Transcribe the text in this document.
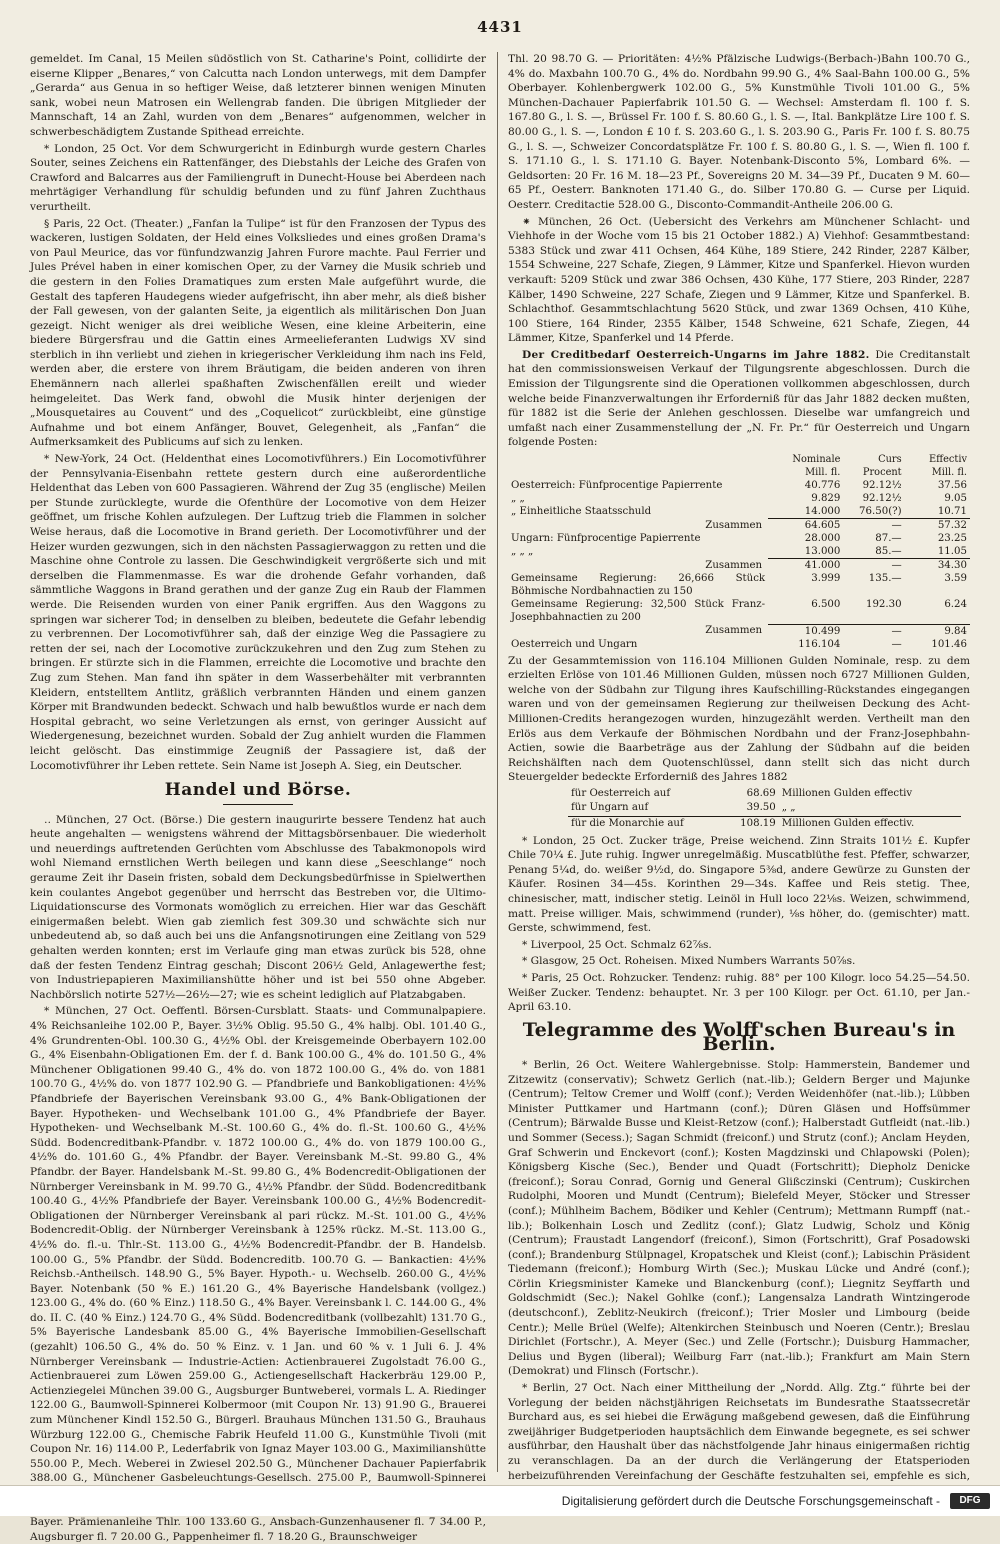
4431

gemeldet. Im Canal, 15 Meilen südöstlich von St. Catharine's Point, collidirte der eiserne Klipper „Benares,“ von Calcutta nach London unterwegs, mit dem Dampfer „Gerarda“ aus Genua in so heftiger Weise, daß letzterer binnen wenigen Minuten sank, wobei neun Matrosen ein Wellengrab fanden. Die übrigen Mitglieder der Mannschaft, 14 an Zahl, wurden von dem „Benares“ aufgenommen, welcher in schwerbeschädigtem Zustande Spithead erreichte.

* London, 25 Oct. Vor dem Schwurgericht in Edinburgh wurde gestern Charles Souter, seines Zeichens ein Rattenfänger, des Diebstahls der Leiche des Grafen von Crawford and Balcarres aus der Familiengruft in Dunecht-House bei Aberdeen nach mehrtägiger Verhandlung für schuldig befunden und zu fünf Jahren Zuchthaus verurtheilt.

§ Paris, 22 Oct. (Theater.) „Fanfan la Tulipe“ ist für den Franzosen der Typus des wackeren, lustigen Soldaten, der Held eines Volksliedes und eines großen Drama's von Paul Meurice, das vor fünfundzwanzig Jahren Furore machte. Paul Ferrier und Jules Prével haben in einer komischen Oper, zu der Varney die Musik schrieb und die gestern in den Folies Dramatiques zum ersten Male aufgeführt wurde, die Gestalt des tapferen Haudegens wieder aufgefrischt, ihn aber mehr, als dieß bisher der Fall gewesen, von der galanten Seite, ja eigentlich als militärischen Don Juan gezeigt. Nicht weniger als drei weibliche Wesen, eine kleine Arbeiterin, eine biedere Bürgersfrau und die Gattin eines Armeelieferanten Ludwigs XV sind sterblich in ihn verliebt und ziehen in kriegerischer Verkleidung ihm nach ins Feld, werden aber, die erstere von ihrem Bräutigam, die beiden anderen von ihren Ehemännern nach allerlei spaßhaften Zwischenfällen ereilt und wieder heimgeleitet. Das Werk fand, obwohl die Musik hinter derjenigen der „Mousquetaires au Couvent“ und des „Coquelicot“ zurückbleibt, eine günstige Aufnahme und bot einem Anfänger, Bouvet, Gelegenheit, als „Fanfan“ die Aufmerksamkeit des Publicums auf sich zu lenken.

* New-York, 24 Oct. (Heldenthat eines Locomotivführers.) Ein Locomotivführer der Pennsylvania-Eisenbahn rettete gestern durch eine außerordentliche Heldenthat das Leben von 600 Passagieren. Während der Zug 35 (englische) Meilen per Stunde zurücklegte, wurde die Ofenthüre der Locomotive von dem Heizer geöffnet, um frische Kohlen aufzulegen. Der Luftzug trieb die Flammen in solcher Weise heraus, daß die Locomotive in Brand gerieth. Der Locomotivführer und der Heizer wurden gezwungen, sich in den nächsten Passagierwaggon zu retten und die Maschine ohne Controle zu lassen. Die Geschwindigkeit vergrößerte sich und mit derselben die Flammenmasse. Es war die drohende Gefahr vorhanden, daß sämmtliche Waggons in Brand gerathen und der ganze Zug ein Raub der Flammen werde. Die Reisenden wurden von einer Panik ergriffen. Aus den Waggons zu springen war sicherer Tod; in denselben zu bleiben, bedeutete die Gefahr lebendig zu verbrennen. Der Locomotivführer sah, daß der einzige Weg die Passagiere zu retten der sei, nach der Locomotive zurückzukehren und den Zug zum Stehen zu bringen. Er stürzte sich in die Flammen, erreichte die Locomotive und brachte den Zug zum Stehen. Man fand ihn später in dem Wasserbehälter mit verbrannten Kleidern, entstelltem Antlitz, gräßlich verbrannten Händen und einem ganzen Körper mit Brandwunden bedeckt. Schwach und halb bewußtlos wurde er nach dem Hospital gebracht, wo seine Verletzungen als ernst, von geringer Aussicht auf Wiedergenesung, bezeichnet wurden. Sobald der Zug anhielt wurden die Flammen leicht gelöscht. Das einstimmige Zeugniß der Passagiere ist, daß der Locomotivführer ihr Leben rettete. Sein Name ist Joseph A. Sieg, ein Deutscher.

Handel und Börse.

‥ München, 27 Oct. (Börse.) Die gestern inaugurirte bessere Tendenz hat auch heute angehalten — wenigstens während der Mittagsbörsenbauer. Die wiederholt und neuerdings auftretenden Gerüchten vom Abschlusse des Tabakmonopols wird wohl Niemand ernstlichen Werth beilegen und kann diese „Seeschlange“ noch geraume Zeit ihr Dasein fristen, sobald dem Deckungsbedürfnisse in Spielwerthen kein coulantes Angebot gegenüber und herrscht das Bestreben vor, die Ultimo-Liquidationscurse des Vormonats womöglich zu erreichen. Hier war das Geschäft einigermaßen belebt. Wien gab ziemlich fest 309.30 und schwächte sich nur unbedeutend ab, so daß auch bei uns die Anfangsnotirungen eine Zeitlang von 529 gehalten werden konnten; erst im Verlaufe ging man etwas zurück bis 528, ohne daß der festen Tendenz Eintrag geschah; Discont 206½ Geld, Anlagewerthe fest; von Industriepapieren Maximilianshütte höher und ist bei 550 ohne Abgeber. Nachbörslich notirte 527½—26½—27; wie es scheint lediglich auf Platzabgaben.

* München, 27 Oct. Oeffentl. Börsen-Cursblatt. Staats- und Communalpapiere. 4% Reichsanleihe 102.00 P., Bayer. 3½% Oblig. 95.50 G., 4% halbj. Obl. 101.40 G., 4% Grundrenten-Obl. 100.30 G., 4½% Obl. der Kreisgemeinde Oberbayern 102.00 G., 4% Eisenbahn-Obligationen Em. der f. d. Bank 100.00 G., 4% do. 101.50 G., 4% Münchener Obligationen 99.40 G., 4% do. von 1872 100.00 G., 4% do. von 1881 100.70 G., 4½% do. von 1877 102.90 G. — Pfandbriefe und Bankobligationen: 4½% Pfandbriefe der Bayerischen Vereinsbank 93.00 G., 4% Bank-Obligationen der Bayer. Hypotheken- und Wechselbank 101.00 G., 4% Pfandbriefe der Bayer. Hypotheken- und Wechselbank M.-St. 100.60 G., 4% do. fl.-St. 100.60 G., 4½% Südd. Bodencreditbank-Pfandbr. v. 1872 100.00 G., 4% do. von 1879 100.00 G., 4½% do. 101.60 G., 4% Pfandbr. der Bayer. Vereinsbank M.-St. 99.80 G., 4% Pfandbr. der Bayer. Handelsbank M.-St. 99.80 G., 4% Bodencredit-Obligationen der Nürnberger Vereinsbank in M. 99.70 G., 4½% Pfandbr. der Südd. Bodencreditbank 100.40 G., 4½% Pfandbriefe der Bayer. Vereinsbank 100.00 G., 4½% Bodencredit-Obligationen der Nürnberger Vereinsbank al pari rückz. M.-St. 101.00 G., 4½% Bodencredit-Oblig. der Nürnberger Vereinsbank à 125% rückz. M.-St. 113.00 G., 4½% do. fl.-u. Thlr.-St. 113.00 G., 4½% Bodencredit-Pfandbr. der B. Handelsb. 100.00 G., 5% Pfandbr. der Südd. Bodencreditb. 100.70 G. — Bankactien: 4½% Reichsb.-Antheilsch. 148.90 G., 5% Bayer. Hypoth.- u. Wechselb. 260.00 G., 4½% Bayer. Notenbank (50 % E.) 161.20 G., 4% Bayerische Handelsbank (vollgez.) 123.00 G., 4% do. (60 % Einz.) 118.50 G., 4% Bayer. Vereinsbank l. C. 144.00 G., 4% do. II. C. (40 % Einz.) 124.70 G., 4% Südd. Bodencreditbank (vollbezahlt) 131.70 G., 5% Bayerische Landesbank 85.00 G., 4% Bayerische Immobilien-Gesellschaft (gezahlt) 106.50 G., 4% do. 50 % Einz. v. 1 Jan. und 60 % v. 1 Juli 6. J. 4% Nürnberger Vereinsbank — Industrie-Actien: Actienbrauerei Zugolstadt 76.00 G., Actienbrauerei zum Löwen 259.00 G., Actiengesellschaft Hackerbräu 129.00 P., Actienziegelei München 39.00 G., Augsburger Buntweberei, vormals L. A. Riedinger 122.00 G., Baumwoll-Spinnerei Kolbermoor (mit Coupon Nr. 13) 91.90 G., Brauerei zum Münchener Kindl 152.50 G., Bürgerl. Brauhaus München 131.50 G., Brauhaus Würzburg 122.00 G., Chemische Fabrik Heufeld 11.00 G., Kunstmühle Tivoli (mit Coupon Nr. 16) 114.00 P., Lederfabrik von Ignaz Mayer 103.00 G., Maximilianshütte 550.00 P., Mech. Weberei in Zwiesel 202.50 G., Münchener Dachauer Papierfabrik 388.00 G., Münchener Gasbeleuchtungs-Gesellsch. 275.00 P., Baumwoll-Spinnerei Bayer. Prämienanleihe Thlr. 100 133.60 G., Ansbach-Gunzenhausener fl. 7 34.00 P., Augsburger fl. 7 20.00 G., Pappenheimer fl. 7 18.20 G., Braunschweiger

Thl. 20 98.70 G. — Prioritäten: 4½% Pfälzische Ludwigs-(Berbach-)Bahn 100.70 G., 4% do. Maxbahn 100.70 G., 4% do. Nordbahn 99.90 G., 4% Saal-Bahn 100.00 G., 5% Oberbayer. Kohlenbergwerk 102.00 G., 5% Kunstmühle Tivoli 101.00 G., 5% München-Dachauer Papierfabrik 101.50 G. — Wechsel: Amsterdam fl. 100 f. S. 167.80 G., l. S. —, Brüssel Fr. 100 f. S. 80.60 G., l. S. —, Ital. Bankplätze Lire 100 f. S. 80.00 G., l. S. —, London £ 10 f. S. 203.60 G., l. S. 203.90 G., Paris Fr. 100 f. S. 80.75 G., l. S. —, Schweizer Concordatsplätze Fr. 100 f. S. 80.80 G., l. S. —, Wien fl. 100 f. S. 171.10 G., l. S. 171.10 G. Bayer. Notenbank-Disconto 5%, Lombard 6%. — Geldsorten: 20 Fr. 16 M. 18—23 Pf., Sovereigns 20 M. 34—39 Pf., Ducaten 9 M. 60—65 Pf., Oesterr. Banknoten 171.40 G., do. Silber 170.80 G. — Curse per Liquid. Oesterr. Creditactie 528.00 G., Disconto-Commandit-Antheile 206.00 G.

⁕ München, 26 Oct. (Uebersicht des Verkehrs am Münchener Schlacht- und Viehhofe in der Woche vom 15 bis 21 October 1882.) A) Viehhof: Gesammtbestand: 5383 Stück und zwar 411 Ochsen, 464 Kühe, 189 Stiere, 242 Rinder, 2287 Kälber, 1554 Schweine, 227 Schafe, Ziegen, 9 Lämmer, Kitze und Spanferkel. Hievon wurden verkauft: 5209 Stück und zwar 386 Ochsen, 430 Kühe, 177 Stiere, 203 Rinder, 2287 Kälber, 1490 Schweine, 227 Schafe, Ziegen und 9 Lämmer, Kitze und Spanferkel. B. Schlachthof. Gesammtschlachtung 5620 Stück, und zwar 1369 Ochsen, 410 Kühe, 100 Stiere, 164 Rinder, 2355 Kälber, 1548 Schweine, 621 Schafe, Ziegen, 44 Lämmer, Kitze, Spanferkel und 14 Pferde.

Der Creditbedarf Oesterreich-Ungarns im Jahre 1882. Die Creditanstalt hat den commissionsweisen Verkauf der Tilgungsrente abgeschlossen. Durch die Emission der Tilgungsrente sind die Operationen vollkommen abgeschlossen, durch welche beide Finanzverwaltungen ihr Erforderniß für das Jahr 1882 decken mußten, für 1882 ist die Serie der Anlehen geschlossen. Dieselbe war umfangreich und umfaßt nach einer Zusammenstellung der „N. Fr. Pr.“ für Oesterreich und Ungarn folgende Posten:

	Nominale Mill. fl.	Curs Procent	Effectiv Mill. fl.
Oesterreich: Fünfprocentige Papierrente	40.776	92.12½	37.56
„ „	9.829	92.12½	9.05
„ Einheitliche Staatsschuld	14.000	76.50(?)	10.71
Zusammen	64.605	—	57.32
Ungarn: Fünfprocentige Papierrente	28.000	87.—	23.25
„ „ „	13.000	85.—	11.05
Zusammen	41.000	—	34.30
Gemeinsame Regierung: 26,666 Stück Böhmische Nordbahnactien zu 150	3.999	135.—	3.59
Gemeinsame Regierung: 32,500 Stück Franz-Josephbahnactien zu 200	6.500	192.30	6.24
Zusammen	10.499	—	9.84
Oesterreich und Ungarn	116.104	—	101.46

Zu der Gesammtemission von 116.104 Millionen Gulden Nominale, resp. zu dem erzielten Erlöse von 101.46 Millionen Gulden, müssen noch 6727 Millionen Gulden, welche von der Südbahn zur Tilgung ihres Kaufschilling-Rückstandes eingegangen waren und von der gemeinsamen Regierung zur theilweisen Deckung des Acht-Millionen-Credits herangezogen wurden, hinzugezählt werden. Vertheilt man den Erlös aus dem Verkaufe der Böhmischen Nordbahn und der Franz-Josephbahn-Actien, sowie die Baarbeträge aus der Zahlung der Südbahn auf die beiden Reichshälften nach dem Quotenschlüssel, dann stellt sich das nicht durch Steuergelder bedeckte Erforderniß des Jahres 1882

für Oesterreich auf	68.69	Millionen Gulden effectiv
für Ungarn auf	39.50	„ „
für die Monarchie auf	108.19	Millionen Gulden effectiv.

* London, 25 Oct. Zucker träge, Preise weichend. Zinn Straits 101½ £. Kupfer Chile 70¼ £. Jute ruhig. Ingwer unregelmäßig. Muscatblüthe fest. Pfeffer, schwarzer, Penang 5¼d, do. weißer 9½d, do. Singapore 5⅜d, andere Gewürze zu Gunsten der Käufer. Rosinen 34—45s. Korinthen 29—34s. Kaffee und Reis stetig. Thee, chinesischer, matt, indischer stetig. Leinöl in Hull loco 22⅛s. Weizen, schwimmend, matt. Preise williger. Mais, schwimmend (runder), ⅛s höher, do. (gemischter) matt. Gerste, schwimmend, fest.

* Liverpool, 25 Oct. Schmalz 62⅞s.

* Glasgow, 25 Oct. Roheisen. Mixed Numbers Warrants 50⅞s.

* Paris, 25 Oct. Rohzucker. Tendenz: ruhig. 88° per 100 Kilogr. loco 54.25—54.50. Weißer Zucker. Tendenz: behauptet. Nr. 3 per 100 Kilogr. per Oct. 61.10, per Jan.-April 63.10.

Telegramme des Wolff'schen Bureau's in Berlin.

* Berlin, 26 Oct. Weitere Wahlergebnisse. Stolp: Hammerstein, Bandemer und Zitzewitz (conservativ); Schwetz Gerlich (nat.-lib.); Geldern Berger und Majunke (Centrum); Teltow Cremer und Wolff (conf.); Verden Weidenhöfer (nat.-lib.); Lübben Minister Puttkamer und Hartmann (conf.); Düren Gläsen und Hoffsümmer (Centrum); Bärwalde Busse und Kleist-Retzow (conf.); Halberstadt Gutfleidt (nat.-lib.) und Sommer (Secess.); Sagan Schmidt (freiconf.) und Strutz (conf.); Anclam Heyden, Graf Schwerin und Enckevort (conf.); Kosten Magdzinski und Chlapowski (Polen); Königsberg Kische (Sec.), Bender und Quadt (Fortschritt); Diepholz Denicke (freiconf.); Sorau Conrad, Gornig und General Glißczinski (Centrum); Cuskirchen Rudolphi, Mooren und Mundt (Centrum); Bielefeld Meyer, Stöcker und Stresser (conf.); Mühlheim Bachem, Bödiker und Kehler (Centrum); Mettmann Rumpff (nat.-lib.); Bolkenhain Losch und Zedlitz (conf.); Glatz Ludwig, Scholz und König (Centrum); Fraustadt Langendorf (freiconf.), Simon (Fortschritt), Graf Posadowski (conf.); Brandenburg Stülpnagel, Kropatschek und Kleist (conf.); Labischin Präsident Tiedemann (freiconf.); Homburg Wirth (Sec.); Muskau Lücke und André (conf.); Cörlin Kriegsminister Kameke und Blanckenburg (conf.); Liegnitz Seyffarth und Goldschmidt (Sec.); Nakel Gohlke (conf.); Langensalza Landrath Wintzingerode (deutschconf.), Zeblitz-Neukirch (freiconf.); Trier Mosler und Limbourg (beide Centr.); Melle Brüel (Welfe); Altenkirchen Steinbusch und Noeren (Centr.); Breslau Dirichlet (Fortschr.), A. Meyer (Sec.) und Zelle (Fortschr.); Duisburg Hammacher, Delius und Bygen (liberal); Weilburg Farr (nat.-lib.); Frankfurt am Main Stern (Demokrat) und Flinsch (Fortschr.).

* Berlin, 27 Oct. Nach einer Mittheilung der „Nordd. Allg. Ztg.“ führte bei der Vorlegung der beiden nächstjährigen Reichsetats im Bundesrathe Staatssecretär Burchard aus, es sei hiebei die Erwägung maßgebend gewesen, daß die Einführung zweijähriger Budgetperioden hauptsächlich dem Einwande begegnete, es sei schwer ausführbar, den Haushalt über das nächstfolgende Jahr hinaus einigermaßen richtig zu veranschlagen. Da an der durch die Verlängerung der Etatsperioden herbeizuführenden Vereinfachung der Geschäfte festzuhalten sei, empfehle es sich,

Digitalisierung gefördert durch die Deutsche Forschungsgemeinschaft -	DFG
